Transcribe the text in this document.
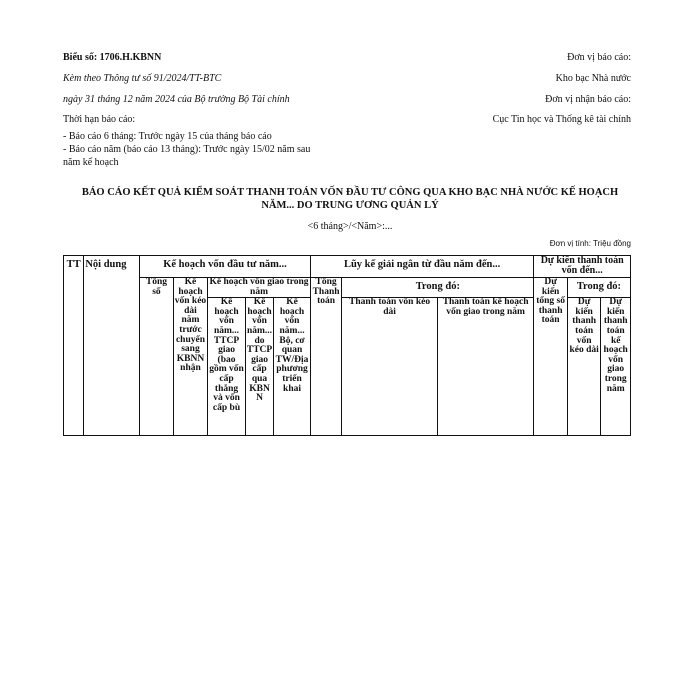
Biểu số: 1706.H.KBNN
Kèm theo Thông tư số 91/2024/TT-BTC
ngày 31 tháng 12 năm 2024 của Bộ trưởng Bộ Tài chính
Thời hạn báo cáo:
- Báo cáo 6 tháng: Trước ngày 15 của tháng báo cáo
- Báo cáo năm (báo cáo 13 tháng): Trước ngày 15/02 năm sau
năm kế hoạch
Đơn vị báo cáo:
Kho bạc Nhà nước
Đơn vị nhận báo cáo:
Cục Tin học và Thống kê tài chính
BÁO CÁO KẾT QUẢ KIỂM SOÁT THANH TOÁN VỐN ĐẦU TƯ CÔNG QUA KHO BẠC NHÀ NƯỚC KẾ HOẠCH
NĂM... DO TRUNG ƯƠNG QUẢN LÝ
<6 tháng>/<Năm>:...
Đơn vị tính: Triệu đồng
TT	Nội dung	Kế hoạch vốn đầu tư năm...					Lũy kế giải ngân từ đầu năm đến...			Dự kiến thanh toán vốn đến...		
		Tổng số	Kế hoạch vốn kéo dài năm trước chuyển sang KBNN nhận	Kế hoạch vốn giao trong năm			Tổng Thanh toán	Trong đó:		Dự kiến tổng số thanh toán	Trong đó:	
				Kế hoạch vốn năm... TTCP giao (bao gồm vốn cấp thẳng và vốn cấp bù	Kế hoạch vốn năm... do TTCP giao cấp qua KBNN	Kế hoạch vốn năm... Bộ, cơ quan TW/Địa phương triển khai		Thanh toán vốn kéo dài	Thanh toán kế hoạch vốn giao trong năm		Dự kiến thanh toán vốn kéo dài	Dự kiến thanh toán kế hoạch vốn giao trong năm
